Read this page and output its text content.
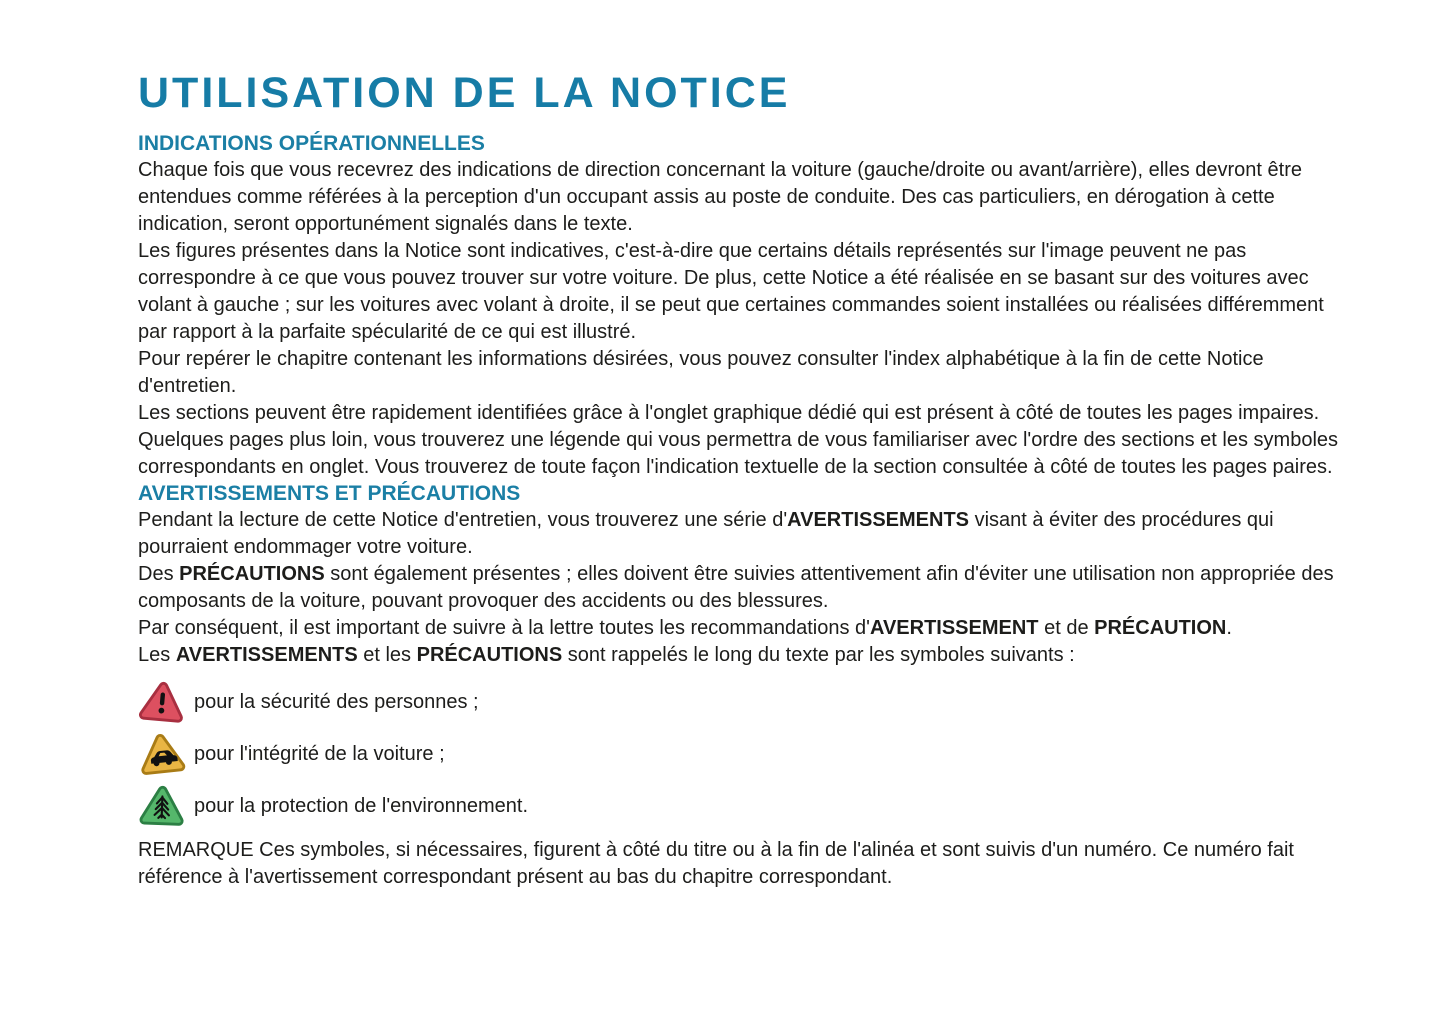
UTILISATION DE LA NOTICE
INDICATIONS OPÉRATIONNELLES

Chaque fois que vous recevrez des indications de direction concernant la voiture (gauche/droite ou avant/arrière), elles devront être entendues comme référées à la perception d'un occupant assis au poste de conduite. Des cas particuliers, en dérogation à cette indication, seront opportunément signalés dans le texte.

Les figures présentes dans la Notice sont indicatives, c'est-à-dire que certains détails représentés sur l'image peuvent ne pas correspondre à ce que vous pouvez trouver sur votre voiture. De plus, cette Notice a été réalisée en se basant sur des voitures avec volant à gauche ; sur les voitures avec volant à droite, il se peut que certaines commandes soient installées ou réalisées différemment par rapport à la parfaite spécularité de ce qui est illustré.

Pour repérer le chapitre contenant les informations désirées, vous pouvez consulter l'index alphabétique à la fin de cette Notice d'entretien.

Les sections peuvent être rapidement identifiées grâce à l'onglet graphique dédié qui est présent à côté de toutes les pages impaires. Quelques pages plus loin, vous trouverez une légende qui vous permettra de vous familiariser avec l'ordre des sections et les symboles correspondants en onglet. Vous trouverez de toute façon l'indication textuelle de la section consultée à côté de toutes les pages paires.

AVERTISSEMENTS ET PRÉCAUTIONS

Pendant la lecture de cette Notice d'entretien, vous trouverez une série d'AVERTISSEMENTS visant à éviter des procédures qui pourraient endommager votre voiture.

Des PRÉCAUTIONS sont également présentes ; elles doivent être suivies attentivement afin d'éviter une utilisation non appropriée des composants de la voiture, pouvant provoquer des accidents ou des blessures.

Par conséquent, il est important de suivre à la lettre toutes les recommandations d'AVERTISSEMENT et de PRÉCAUTION.

Les AVERTISSEMENTS et les PRÉCAUTIONS sont rappelés le long du texte par les symboles suivants :

pour la sécurité des personnes ;
pour l'intégrité de la voiture ;
pour la protection de l'environnement.

REMARQUE Ces symboles, si nécessaires, figurent à côté du titre ou à la fin de l'alinéa et sont suivis d'un numéro. Ce numéro fait référence à l'avertissement correspondant présent au bas du chapitre correspondant.
